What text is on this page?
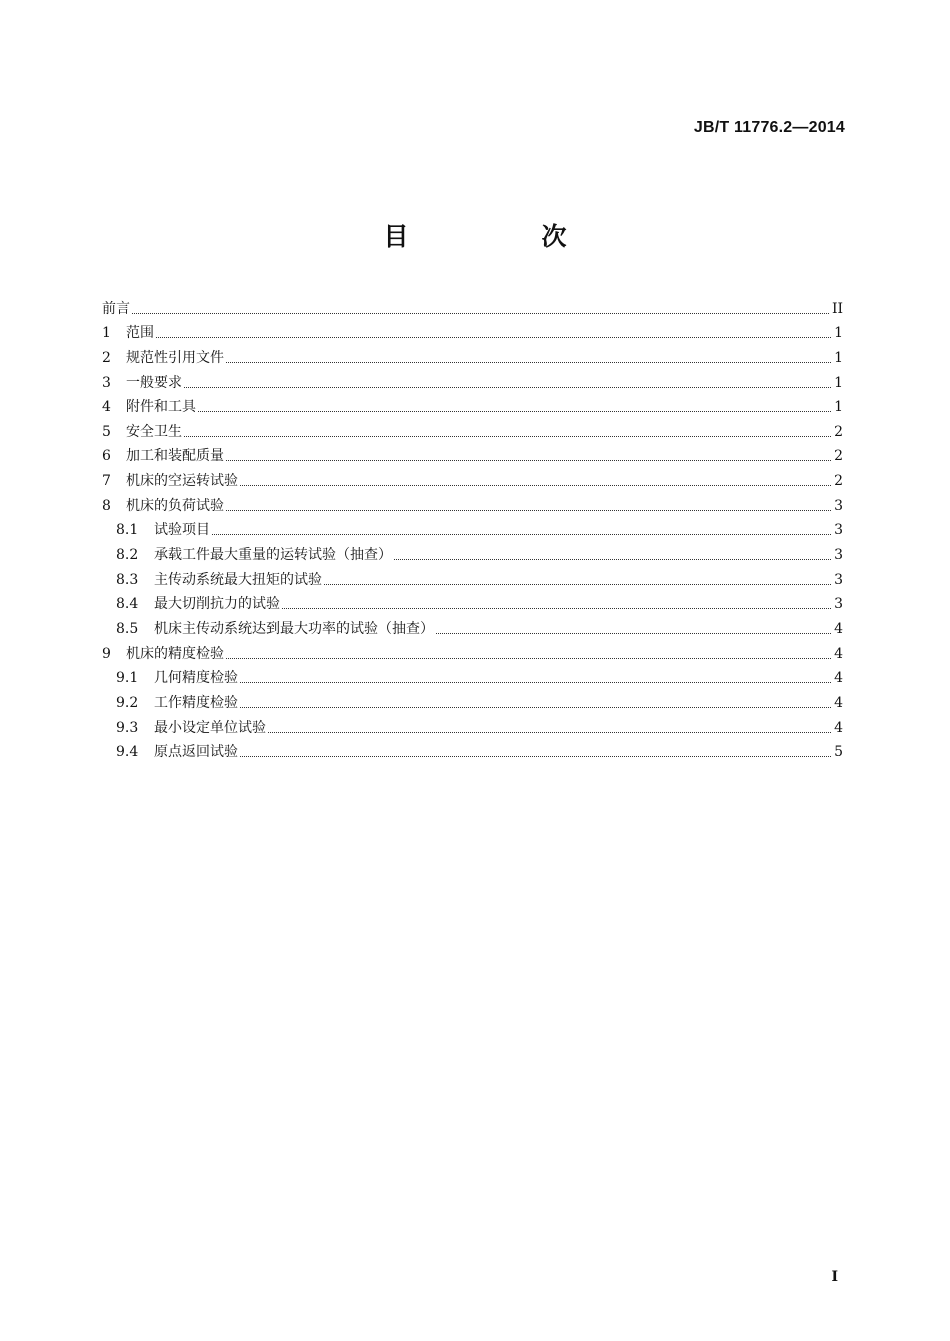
JB/T 11776.2—2014
目　次
前言	II
1	范围	1
2	规范性引用文件	1
3	一般要求	1
4	附件和工具	1
5	安全卫生	2
6	加工和装配质量	2
7	机床的空运转试验	2
8	机床的负荷试验	3
8.1	试验项目	3
8.2	承载工件最大重量的运转试验（抽查）	3
8.3	主传动系统最大扭矩的试验	3
8.4	最大切削抗力的试验	3
8.5	机床主传动系统达到最大功率的试验（抽查）	4
9	机床的精度检验	4
9.1	几何精度检验	4
9.2	工作精度检验	4
9.3	最小设定单位试验	4
9.4	原点返回试验	5
I
